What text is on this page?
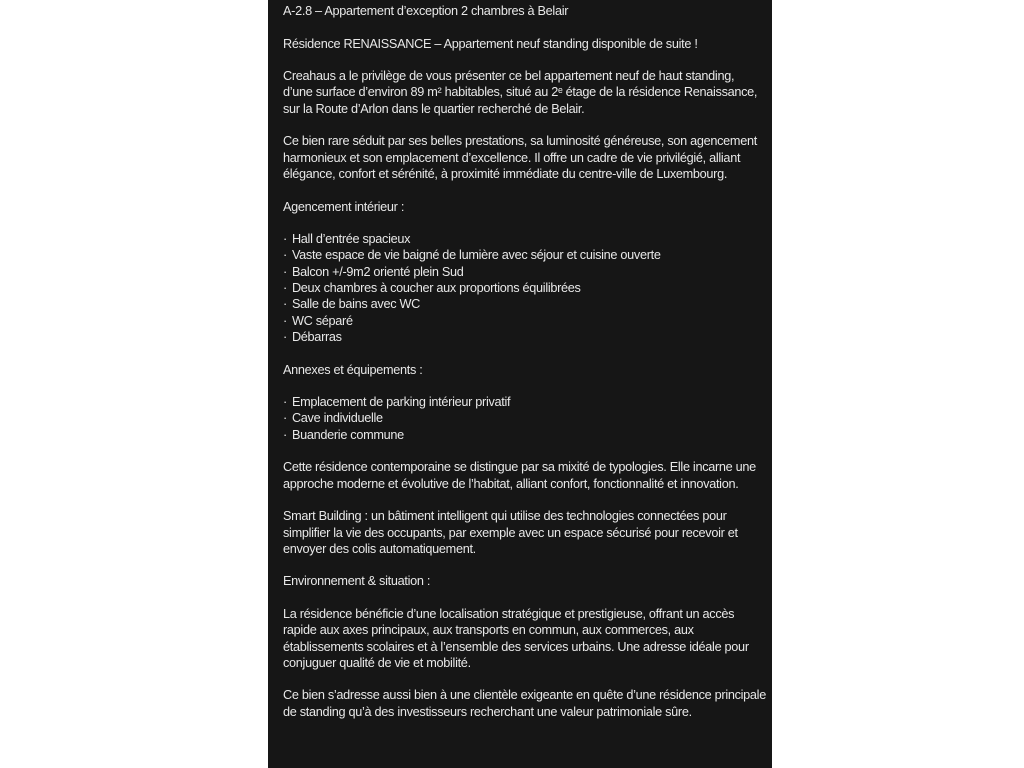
A-2.8 – Appartement d’exception 2 chambres à Belair
Résidence RENAISSANCE – Appartement neuf standing disponible de suite !
Creahaus a le privilège de vous présenter ce bel appartement neuf de haut standing, d’une surface d’environ 89 m² habitables, situé au 2ᵉ étage de la résidence Renaissance, sur la Route d’Arlon dans le quartier recherché de Belair.
Ce bien rare séduit par ses belles prestations, sa luminosité généreuse, son agencement harmonieux et son emplacement d’excellence. Il offre un cadre de vie privilégié, alliant élégance, confort et sérénité, à proximité immédiate du centre-ville de Luxembourg.
Agencement intérieur :
· Hall d’entrée spacieux
· Vaste espace de vie baigné de lumière avec séjour et cuisine ouverte
· Balcon +/-9m2 orienté plein Sud
· Deux chambres à coucher aux proportions équilibrées
· Salle de bains avec WC
· WC séparé
· Débarras
Annexes et équipements :
· Emplacement de parking intérieur privatif
· Cave individuelle
· Buanderie commune
Cette résidence contemporaine se distingue par sa mixité de typologies. Elle incarne une approche moderne et évolutive de l’habitat, alliant confort, fonctionnalité et innovation.
Smart Building : un bâtiment intelligent qui utilise des technologies connectées pour simplifier la vie des occupants, par exemple avec un espace sécurisé pour recevoir et envoyer des colis automatiquement.
Environnement & situation :
La résidence bénéficie d’une localisation stratégique et prestigieuse, offrant un accès rapide aux axes principaux, aux transports en commun, aux commerces, aux établissements scolaires et à l’ensemble des services urbains. Une adresse idéale pour conjuguer qualité de vie et mobilité.
Ce bien s’adresse aussi bien à une clientèle exigeante en quête d’une résidence principale de standing qu’à des investisseurs recherchant une valeur patrimoniale sûre.
